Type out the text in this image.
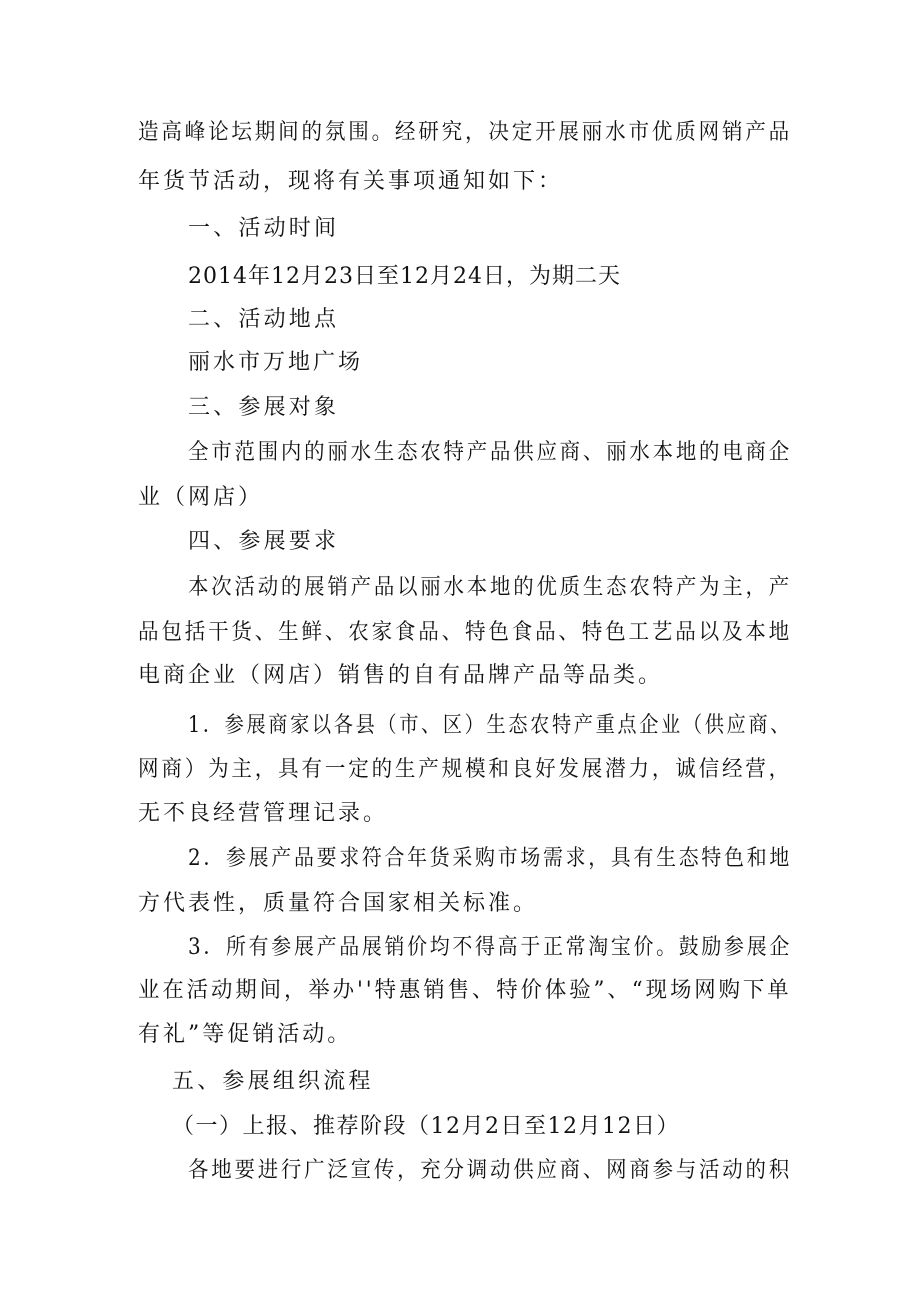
造高峰论坛期间的氛围。经研究，决定开展丽水市优质网销产品
年货节活动，现将有关事项通知如下：
一、活动时间
2014年12月23日至12月24日，为期二天
二、活动地点
丽水市万地广场
三、参展对象
全市范围内的丽水生态农特产品供应商、丽水本地的电商企
业（网店）
四、参展要求
本次活动的展销产品以丽水本地的优质生态农特产为主，产
品包括干货、生鲜、农家食品、特色食品、特色工艺品以及本地
电商企业（网店）销售的自有品牌产品等品类。
1．参展商家以各县（市、区）生态农特产重点企业（供应商、
网商）为主，具有一定的生产规模和良好发展潜力，诚信经营，
无不良经营管理记录。
2．参展产品要求符合年货采购市场需求，具有生态特色和地
方代表性，质量符合国家相关标准。
3．所有参展产品展销价均不得高于正常淘宝价。鼓励参展企
业在活动期间，举办''特惠销售、特价体验”、“现场网购下单
有礼”等促销活动。
五、参展组织流程
（一）上报、推荐阶段（12月2日至12月12日）
各地要进行广泛宣传，充分调动供应商、网商参与活动的积
